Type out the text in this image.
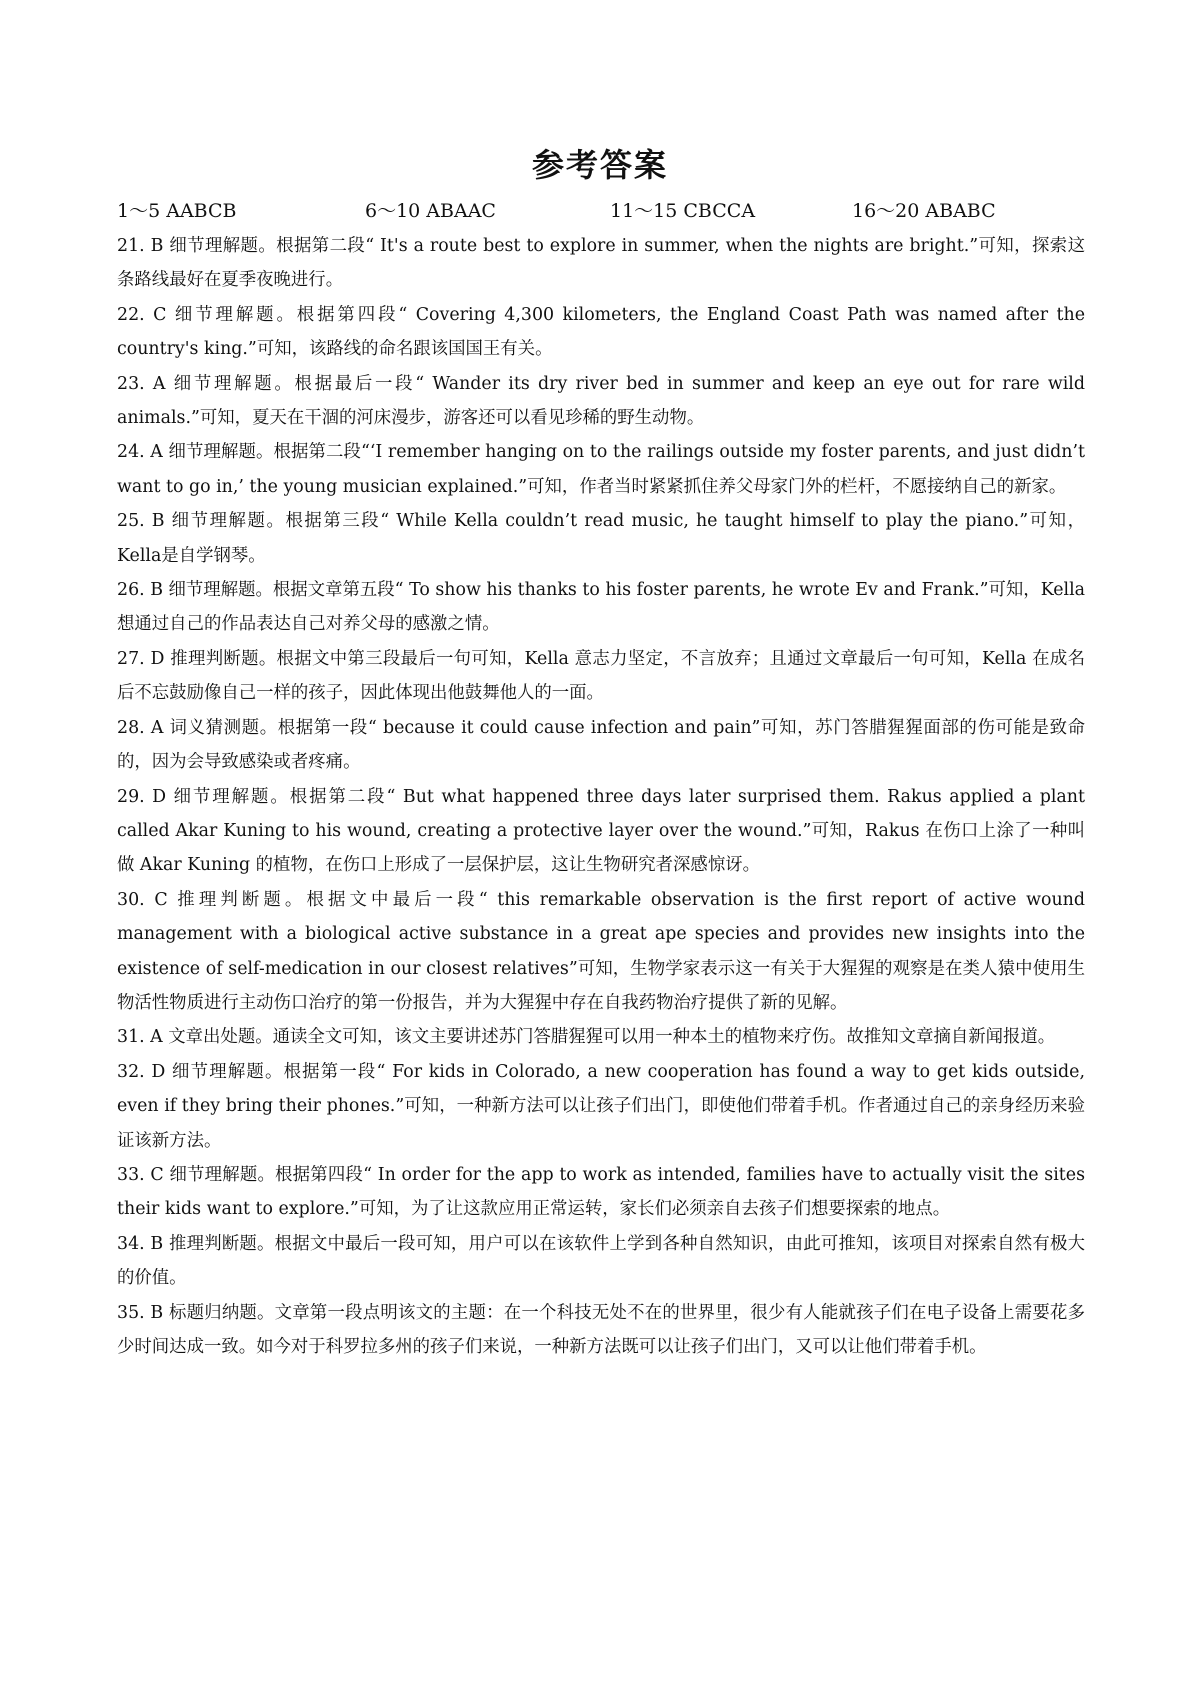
参考答案
1～5 AABCB	6～10 ABAAC	11～15 CBCCA	16～20 ABABC

21. B 细节理解题。根据第二段“ It's a route best to explore in summer, when the nights are bright.”可知，探索这条路线最好在夏季夜晚进行。

22. C 细节理解题。根据第四段“ Covering 4,300 kilometers, the England Coast Path was named after the country's king.”可知，该路线的命名跟该国国王有关。

23. A 细节理解题。根据最后一段“ Wander its dry river bed in summer and keep an eye out for rare wild animals.”可知，夏天在干涸的河床漫步，游客还可以看见珍稀的野生动物。

24. A 细节理解题。根据第二段“‘I remember hanging on to the railings outside my foster parents, and just didn’t want to go in,’ the young musician explained.”可知，作者当时紧紧抓住养父母家门外的栏杆，不愿接纳自己的新家。

25. B 细节理解题。根据第三段“ While Kella couldn’t read music, he taught himself to play the piano.”可知，Kella是自学钢琴。

26. B 细节理解题。根据文章第五段“ To show his thanks to his foster parents, he wrote Ev and Frank.”可知，Kella想通过自己的作品表达自己对养父母的感激之情。

27. D 推理判断题。根据文中第三段最后一句可知，Kella 意志力坚定，不言放弃；且通过文章最后一句可知，Kella 在成名后不忘鼓励像自己一样的孩子，因此体现出他鼓舞他人的一面。

28. A 词义猜测题。根据第一段“ because it could cause infection and pain”可知，苏门答腊猩猩面部的伤可能是致命的，因为会导致感染或者疼痛。

29. D 细节理解题。根据第二段“ But what happened three days later surprised them. Rakus applied a plant called Akar Kuning to his wound, creating a protective layer over the wound.”可知，Rakus 在伤口上涂了一种叫做 Akar Kuning 的植物，在伤口上形成了一层保护层，这让生物研究者深感惊讶。

30. C 推理判断题。根据文中最后一段“ this remarkable observation is the first report of active wound management with a biological active substance in a great ape species and provides new insights into the existence of self-medication in our closest relatives”可知，生物学家表示这一有关于大猩猩的观察是在类人猿中使用生物活性物质进行主动伤口治疗的第一份报告，并为大猩猩中存在自我药物治疗提供了新的见解。

31. A 文章出处题。通读全文可知，该文主要讲述苏门答腊猩猩可以用一种本土的植物来疗伤。故推知文章摘自新闻报道。

32. D 细节理解题。根据第一段“ For kids in Colorado, a new cooperation has found a way to get kids outside, even if they bring their phones.”可知，一种新方法可以让孩子们出门，即使他们带着手机。作者通过自己的亲身经历来验证该新方法。

33. C 细节理解题。根据第四段“ In order for the app to work as intended, families have to actually visit the sites their kids want to explore.”可知，为了让这款应用正常运转，家长们必须亲自去孩子们想要探索的地点。

34. B 推理判断题。根据文中最后一段可知，用户可以在该软件上学到各种自然知识，由此可推知，该项目对探索自然有极大的价值。

35. B 标题归纳题。文章第一段点明该文的主题：在一个科技无处不在的世界里，很少有人能就孩子们在电子设备上需要花多少时间达成一致。如今对于科罗拉多州的孩子们来说，一种新方法既可以让孩子们出门，又可以让他们带着手机。
